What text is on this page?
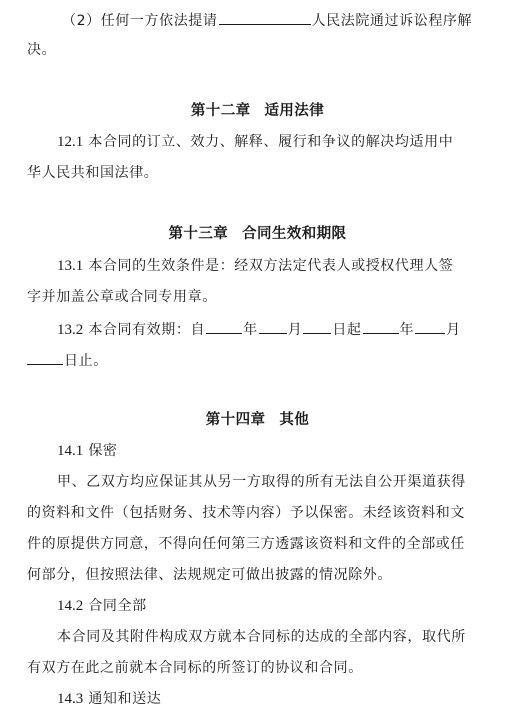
（2）任何一方依法提请	人民法院通过诉讼程序解
决。
第十二章 适用法律
12.1 本合同的订立、效力、解释、履行和争议的解决均适用中
华人民共和国法律。
第十三章 合同生效和期限
13.1 本合同的生效条件是：经双方法定代表人或授权代理人签
字并加盖公章或合同专用章。
13.2 本合同有效期：自	年 月 日起	年 月
日止。
第十四章 其他
14.1 保密
甲、乙双方均应保证其从另一方取得的所有无法自公开渠道获得
的资料和文件（包括财务、技术等内容）予以保密。未经该资料和文
件的原提供方同意，不得向任何第三方透露该资料和文件的全部或任
何部分，但按照法律、法规规定可做出披露的情况除外。
14.2 合同全部
本合同及其附件构成双方就本合同标的达成的全部内容，取代所
有双方在此之前就本合同标的所签订的协议和合同。
14.3 通知和送达
